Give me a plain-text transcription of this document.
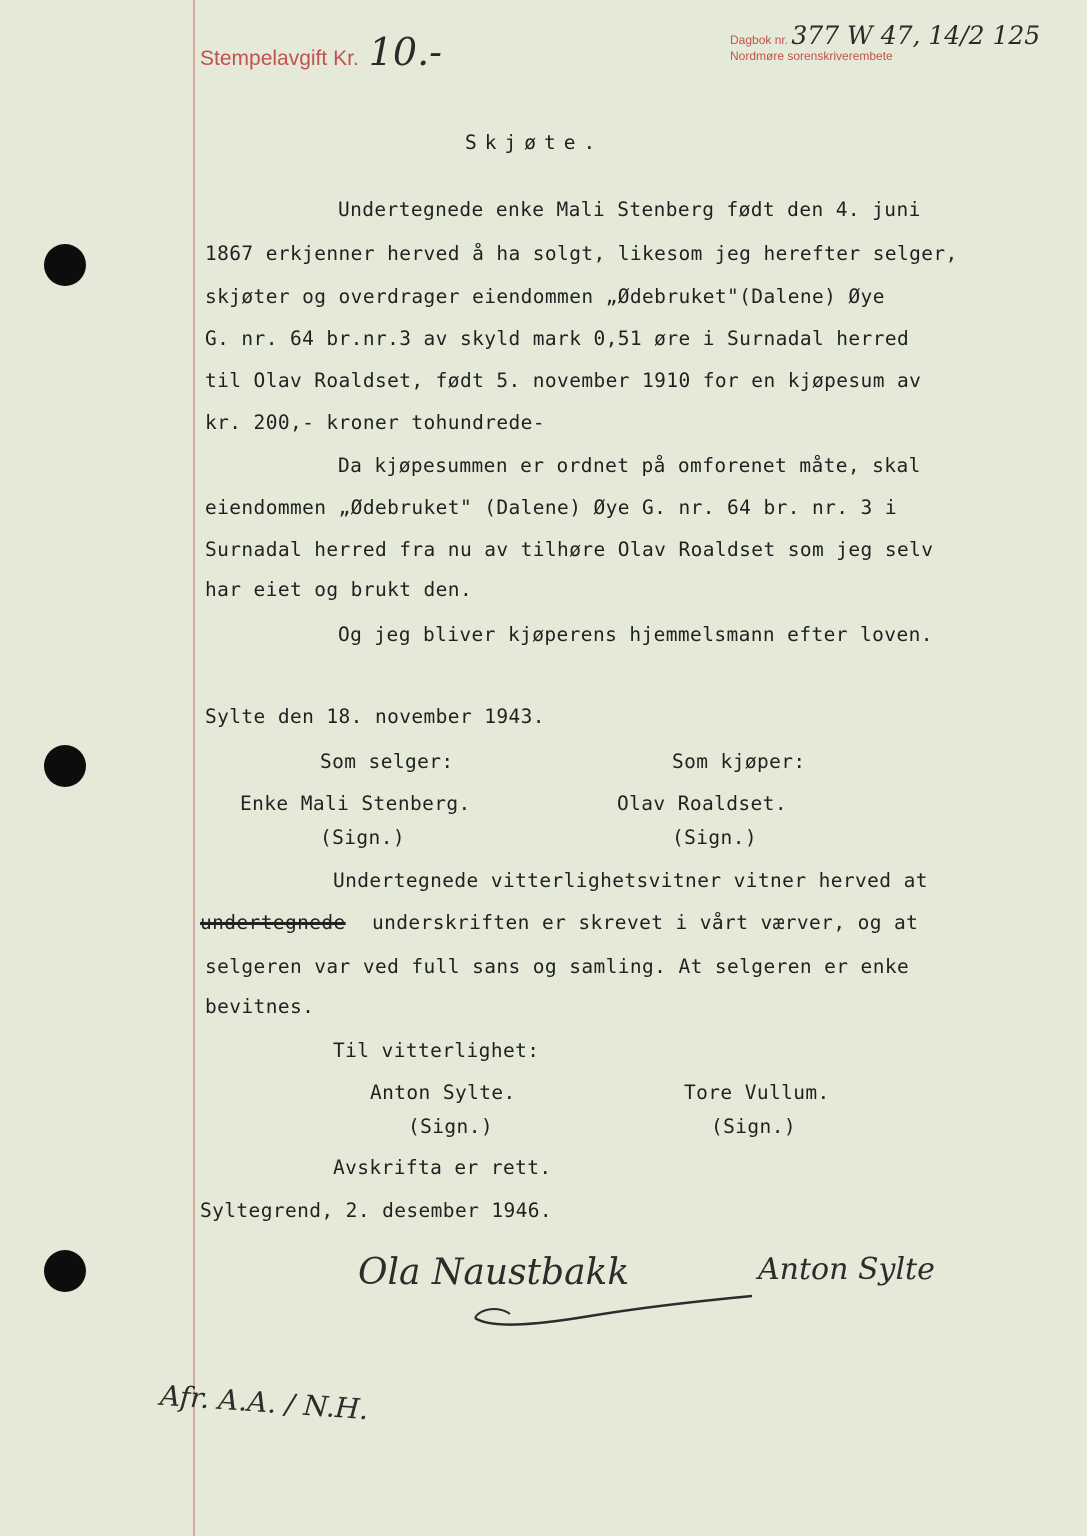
Stempelavgift Kr. 10.-	Dagbok nr. 377 W 47, 14/2 125
Nordmøre sorenskriverembete
Skjøte.
Undertegnede enke Mali Stenberg født den 4. juni
1867 erkjenner herved å ha solgt, likesom jeg herefter selger,
skjøter og overdrager eiendommen „Ødebruket"(Dalene) Øye
G. nr. 64 br.nr.3 av skyld mark 0,51 øre i Surnadal herred
til Olav Roaldset, født 5. november 1910 for en kjøpesum av
kr. 200,- kroner tohundrede-
Da kjøpesummen er ordnet på omforenet måte, skal
eiendommen „Ødebruket" (Dalene) Øye G. nr. 64 br. nr. 3 i
Surnadal herred fra nu av tilhøre Olav Roaldset som jeg selv
har eiet og brukt den.
Og jeg bliver kjøperens hjemmelsmann efter loven.
Sylte den 18. november 1943.
Som selger:	Som kjøper:
Enke Mali Stenberg.	Olav Roaldset.
(Sign.)	(Sign.)
Undertegnede vitterlighetsvitner vitner herved at
undertegnede underskriften er skrevet i vårt værver, og at
selgeren var ved full sans og samling. At selgeren er enke
bevitnes.
Til vitterlighet:
Anton Sylte.	Tore Vullum.
(Sign.)	(Sign.)
Avskrifta er rett.
Syltegrend, 2. desember 1946.
Ola Naustbakk	Anton Sylte
Afr. A.A. / N.H.
